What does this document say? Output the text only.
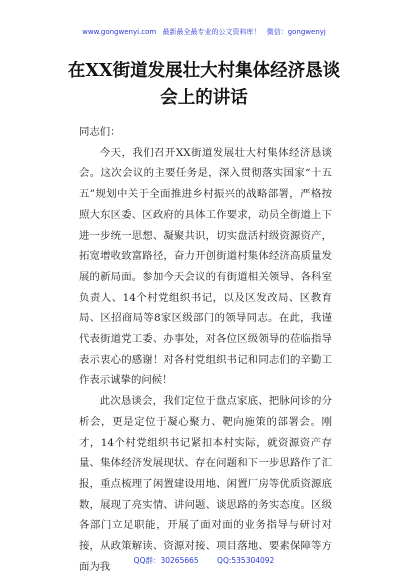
www.gongwenyi.com 最新最全最专业的公文资料库！ 微信：gongwenyj
在XX街道发展壮大村集体经济恳谈会上的讲话

同志们：

今天，我们召开XX街道发展壮大村集体经济恳谈会。这次会议的主要任务是，深入贯彻落实国家“十五五”规划中关于全面推进乡村振兴的战略部署，严格按照大东区委、区政府的具体工作要求，动员全街道上下进一步统一思想、凝聚共识，切实盘活村级资源资产，拓宽增收致富路径，奋力开创街道村集体经济高质量发展的新局面。参加今天会议的有街道相关领导、各科室负责人、14个村党组织书记，以及区发改局、区教育局、区招商局等8家区级部门的领导同志。在此，我谨代表街道党工委、办事处，对各位区级领导的莅临指导表示衷心的感谢！对各村党组织书记和同志们的辛勤工作表示诚挚的问候！

此次恳谈会，我们定位于盘点家底、把脉问诊的分析会，更是定位于凝心聚力、靶向施策的部署会。刚才，14个村党组织书记紧扣本村实际，就资源资产存量、集体经济发展现状、存在问题和下一步思路作了汇报，重点梳理了闲置建设用地、闲置厂房等优质资源底数，展现了亮实情、讲问题、谈思路的务实态度。区级各部门立足职能，开展了面对面的业务指导与研讨对接，从政策解读、资源对接、项目落地、要素保障等方面为我

QQ群：30265665 QQ:535304092
